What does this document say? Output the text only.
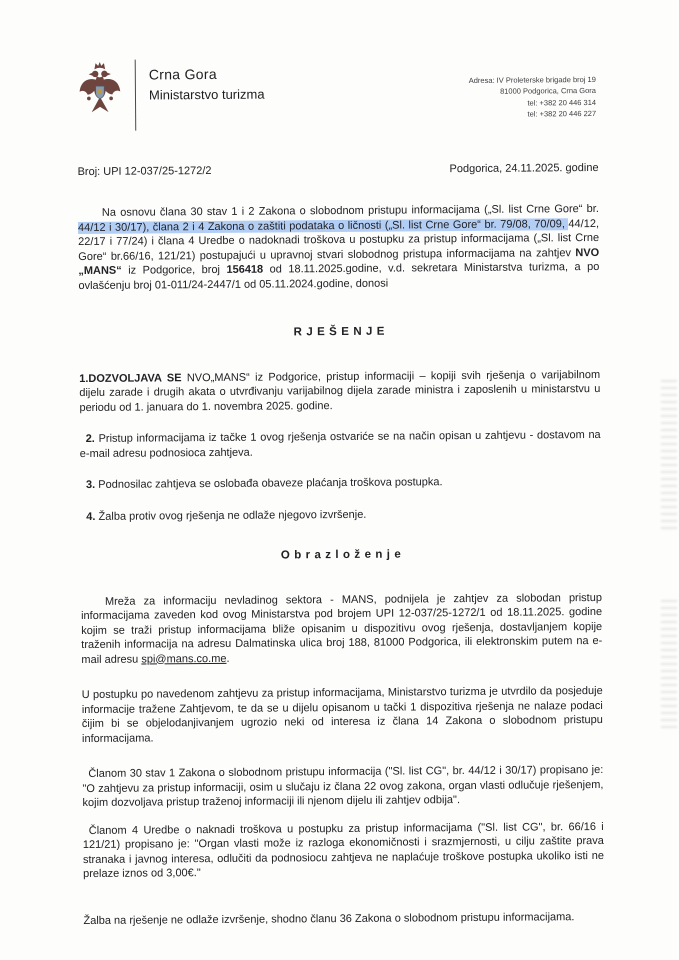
Crna Gora
Ministarstvo turizma
Adresa: IV Proleterske brigade broj 19
81000 Podgorica, Crna Gora
tel: +382 20 446 314
tel: +382 20 446 227
Broj: UPI 12-037/25-1272/2	Podgorica, 24.11.2025. godine

Na osnovu člana 30 stav 1 i 2 Zakona o slobodnom pristupu informacijama („Sl. list Crne Gore“ br. 44/12 i 30/17), člana 2 i 4 Zakona o zaštiti podataka o ličnosti („Sl. list Crne Gore“ br. 79/08, 70/09, 44/12, 22/17 i 77/24) i člana 4 Uredbe o nadoknadi troškova u postupku za pristup informacijama („Sl. list Crne Gore“ br.66/16, 121/21) postupajući u upravnoj stvari slobodnog pristupa informacijama na zahtjev NVO „MANS“ iz Podgorice, broj 156418 od 18.11.2025.godine, v.d. sekretara Ministarstva turizma, a po ovlašćenju broj 01-011/24-2447/1 od 05.11.2024.godine, donosi

R J E Š E N J E

1.DOZVOLJAVA SE NVO„MANS“ iz Podgorice, pristup informaciji – kopiji svih rješenja o varijabilnom dijelu zarade i drugih akata o utvrđivanju varijabilnog dijela zarade ministra i zaposlenih u ministarstvu u periodu od 1. januara do 1. novembra 2025. godine.

2. Pristup informacijama iz tačke 1 ovog rješenja ostvariće se na način opisan u zahtjevu - dostavom na e-mail adresu podnosioca zahtjeva.

3. Podnosilac zahtjeva se oslobađa obaveze plaćanja troškova postupka.

4. Žalba protiv ovog rješenja ne odlaže njegovo izvršenje.

O b r a z l o ž e n j e

Mreža za informaciju nevladinog sektora - MANS, podnijela je zahtjev za slobodan pristup informacijama zaveden kod ovog Ministarstva pod brojem UPI 12-037/25-1272/1 od 18.11.2025. godine kojim se traži pristup informacijama bliže opisanim u dispozitivu ovog rješenja, dostavljanjem kopije traženih informacija na adresu Dalmatinska ulica broj 188, 81000 Podgorica, ili elektronskim putem na e-mail adresu spi@mans.co.me.

U postupku po navedenom zahtjevu za pristup informacijama, Ministarstvo turizma je utvrdilo da posjeduje informacije tražene Zahtjevom, te da se u dijelu opisanom u tački 1 dispozitiva rješenja ne nalaze podaci čijim bi se objelodanjivanjem ugrozio neki od interesa iz člana 14 Zakona o slobodnom pristupu informacijama.

Članom 30 stav 1 Zakona o slobodnom pristupu informacija ("Sl. list CG", br. 44/12 i 30/17) propisano je: "O zahtjevu za pristup informaciji, osim u slučaju iz člana 22 ovog zakona, organ vlasti odlučuje rješenjem, kojim dozvoljava pristup traženoj informaciji ili njenom dijelu ili zahtjev odbija".

Članom 4 Uredbe o naknadi troškova u postupku za pristup informacijama ("Sl. list CG", br. 66/16 i 121/21) propisano je: "Organ vlasti može iz razloga ekonomičnosti i srazmjernosti, u cilju zaštite prava stranaka i javnog interesa, odlučiti da podnosiocu zahtjeva ne naplaćuje troškove postupka ukoliko isti ne prelaze iznos od 3,00€."

Žalba na rješenje ne odlaže izvršenje, shodno članu 36 Zakona o slobodnom pristupu informacijama.
